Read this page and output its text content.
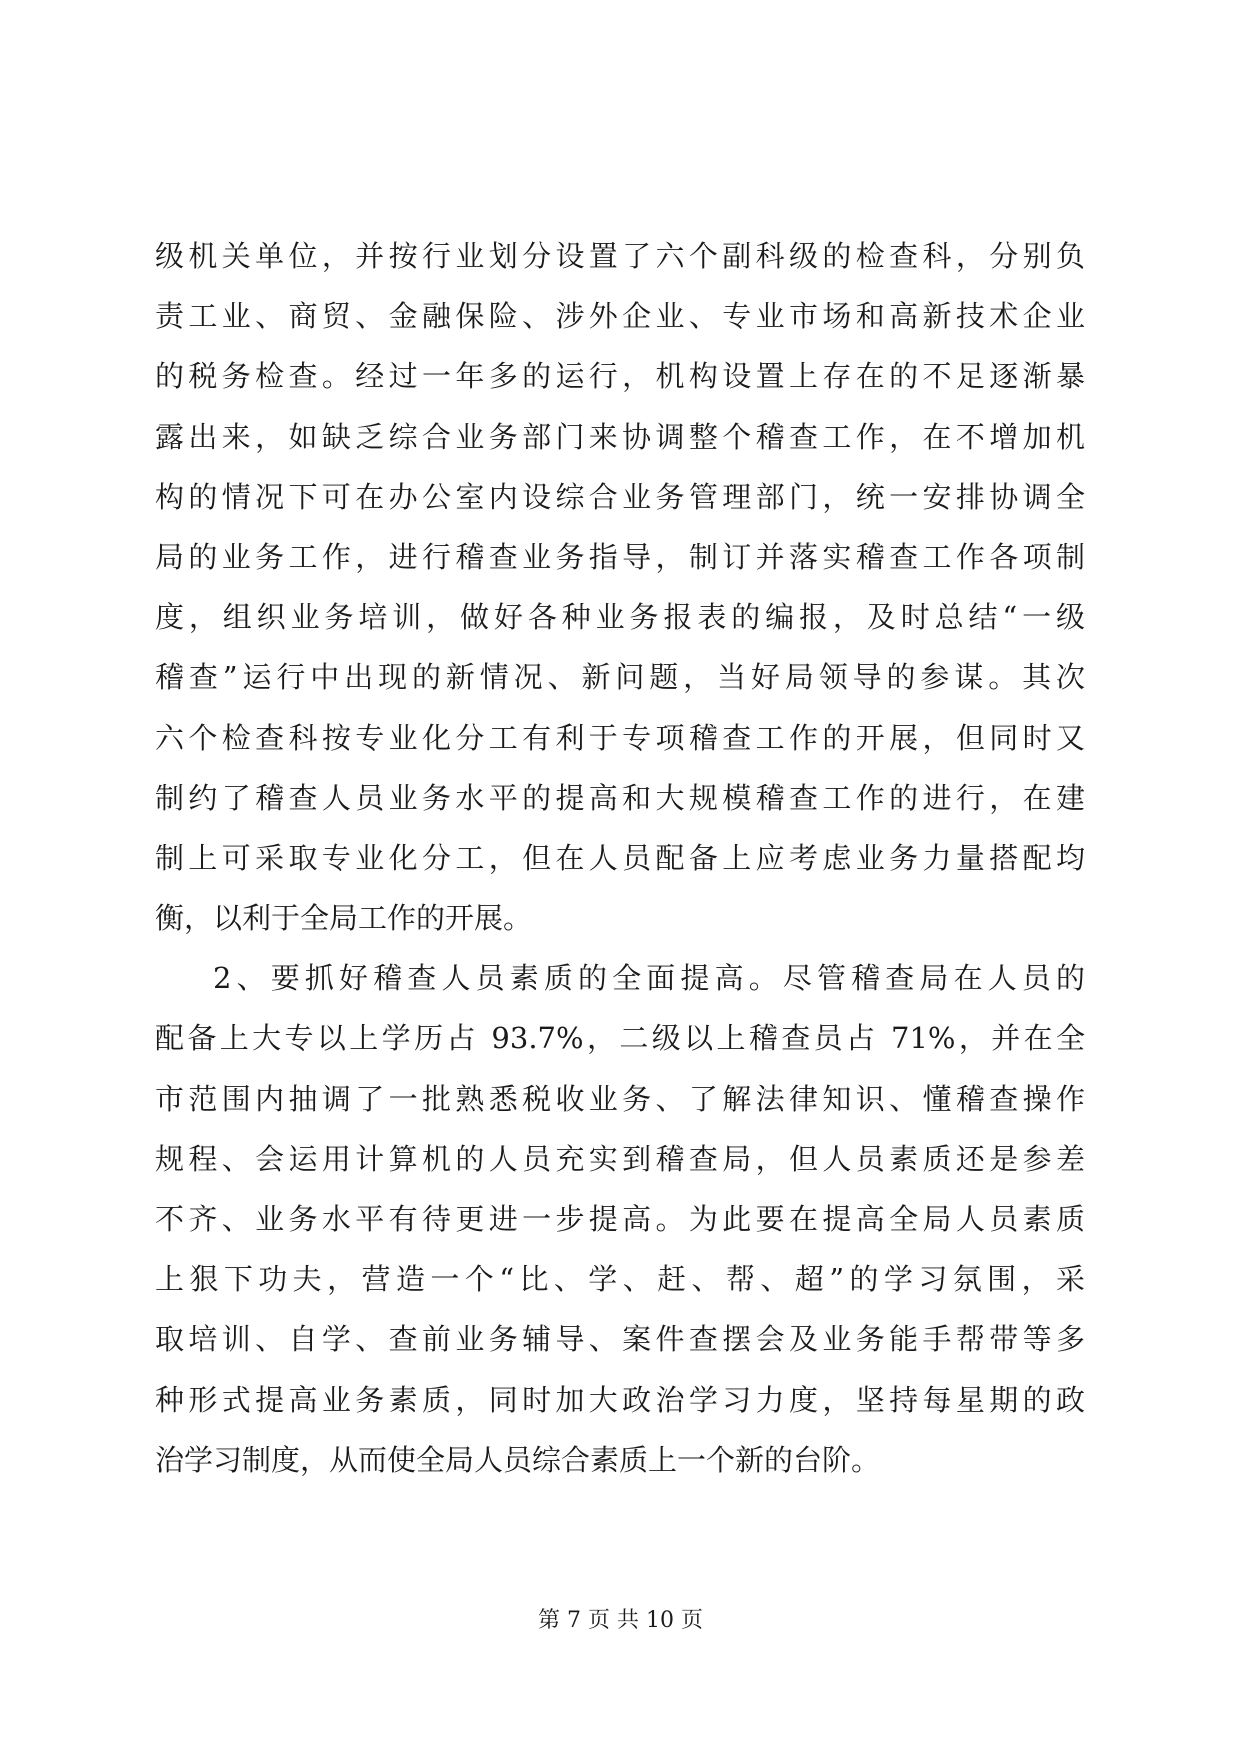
级机关单位，并按行业划分设置了六个副科级的检查科，分别负
责工业、商贸、金融保险、涉外企业、专业市场和高新技术企业
的税务检查。经过一年多的运行，机构设置上存在的不足逐渐暴
露出来，如缺乏综合业务部门来协调整个稽查工作，在不增加机
构的情况下可在办公室内设综合业务管理部门，统一安排协调全
局的业务工作，进行稽查业务指导，制订并落实稽查工作各项制
度，组织业务培训，做好各种业务报表的编报，及时总结“一级
稽查”运行中出现的新情况、新问题，当好局领导的参谋。其次
六个检查科按专业化分工有利于专项稽查工作的开展，但同时又
制约了稽查人员业务水平的提高和大规模稽查工作的进行，在建
制上可采取专业化分工，但在人员配备上应考虑业务力量搭配均
衡，以利于全局工作的开展。
2、要抓好稽查人员素质的全面提高。尽管稽查局在人员的
配备上大专以上学历占 93.7%，二级以上稽查员占 71%，并在全
市范围内抽调了一批熟悉税收业务、了解法律知识、懂稽查操作
规程、会运用计算机的人员充实到稽查局，但人员素质还是参差
不齐、业务水平有待更进一步提高。为此要在提高全局人员素质
上狠下功夫，营造一个“比、学、赶、帮、超”的学习氛围，采
取培训、自学、查前业务辅导、案件查摆会及业务能手帮带等多
种形式提高业务素质，同时加大政治学习力度，坚持每星期的政
治学习制度，从而使全局人员综合素质上一个新的台阶。
第 7 页 共 10 页
